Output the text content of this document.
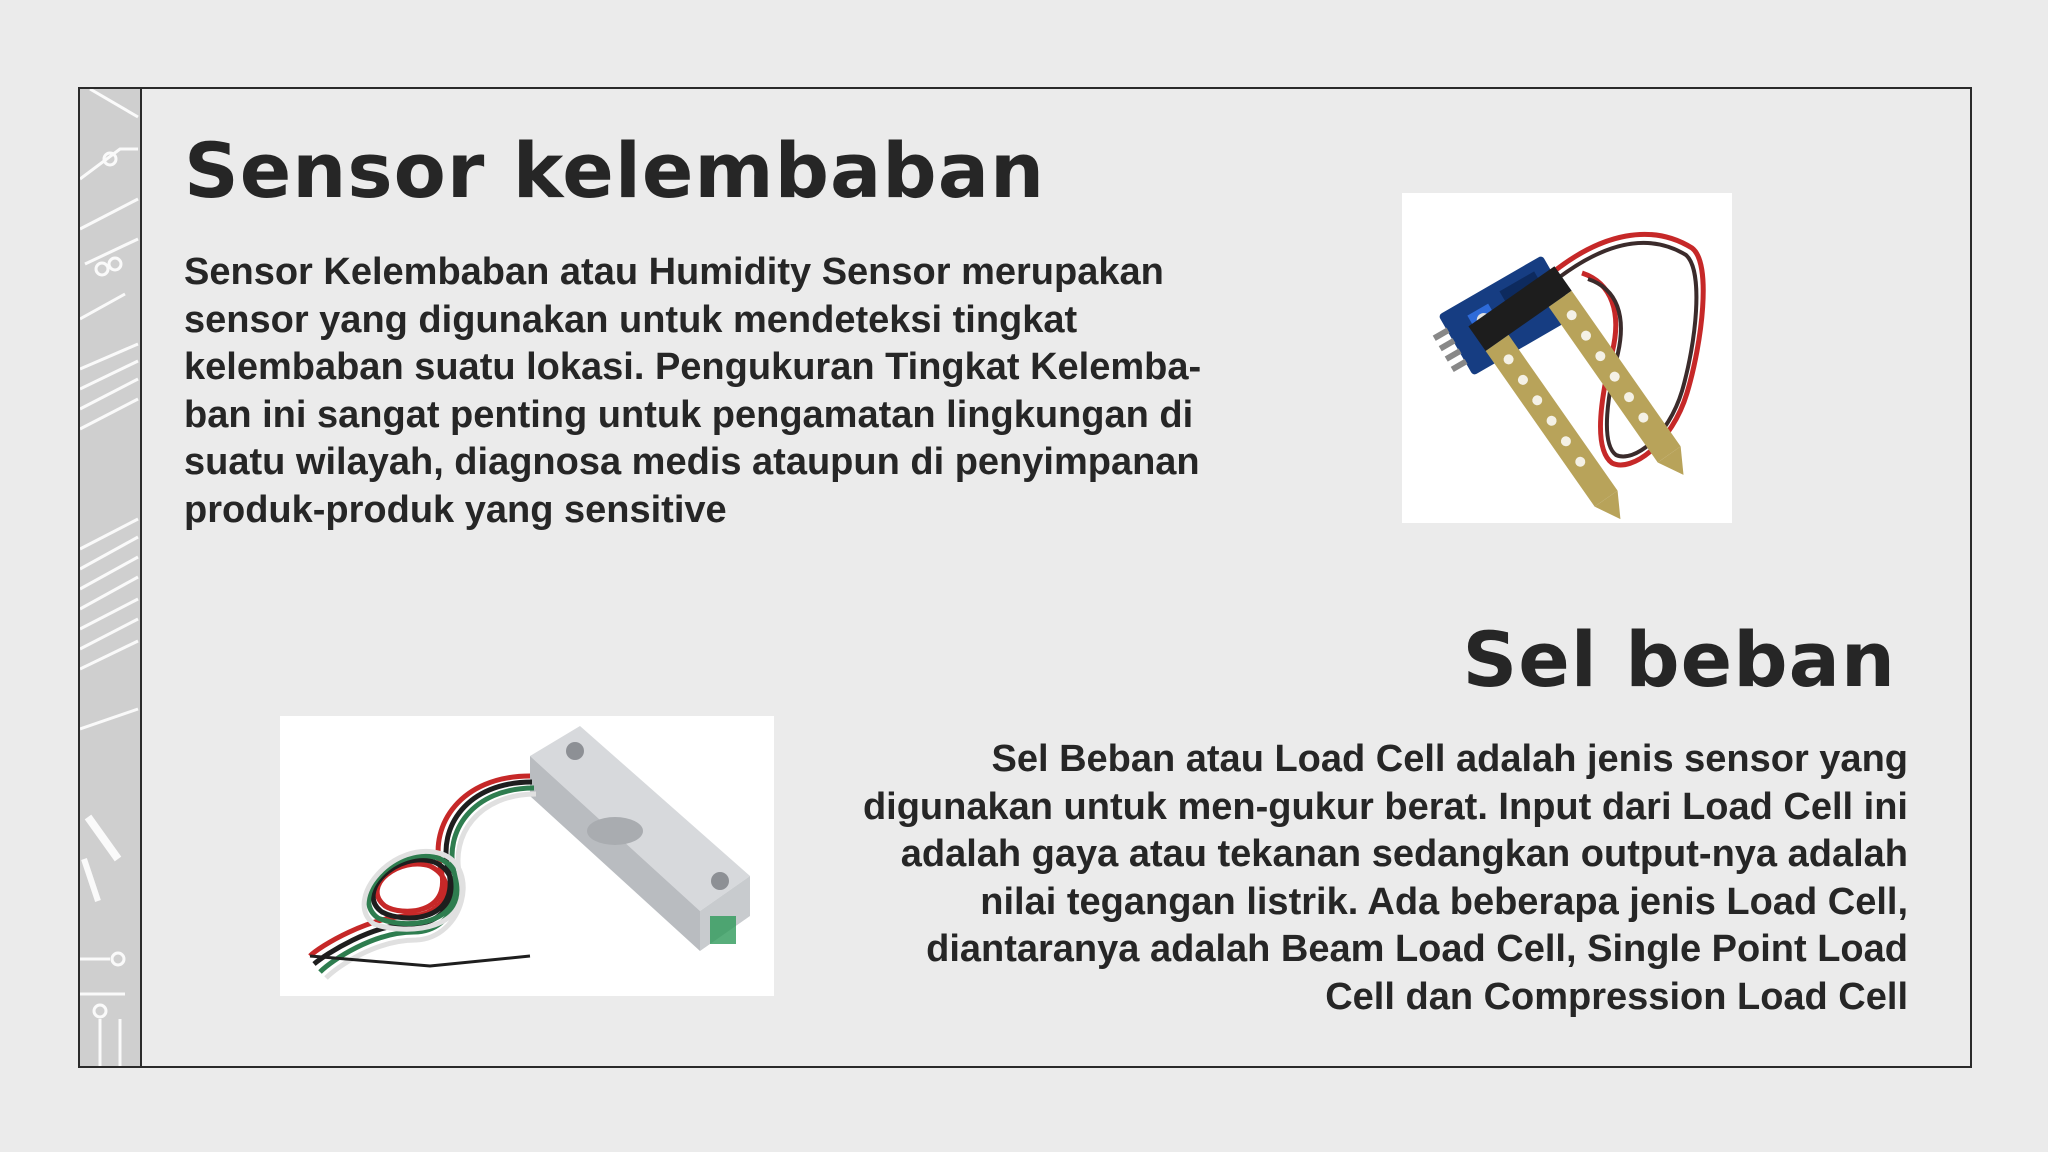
Sensor kelembaban

Sensor Kelembaban atau Humidity Sensor merupakan sensor yang digunakan untuk mendeteksi tingkat kelembaban suatu lokasi. Pengukuran Tingkat Kelemba-ban ini sangat penting untuk pengamatan lingkungan di suatu wilayah, diagnosa medis ataupun di penyimpanan produk-produk yang sensitive

Sel beban

Sel Beban atau Load Cell adalah jenis sensor yang digunakan untuk men-gukur berat. Input dari Load Cell ini adalah gaya atau tekanan sedangkan output-nya adalah nilai tegangan listrik. Ada beberapa jenis Load Cell, diantaranya adalah Beam Load Cell, Single Point Load Cell dan Compression Load Cell
